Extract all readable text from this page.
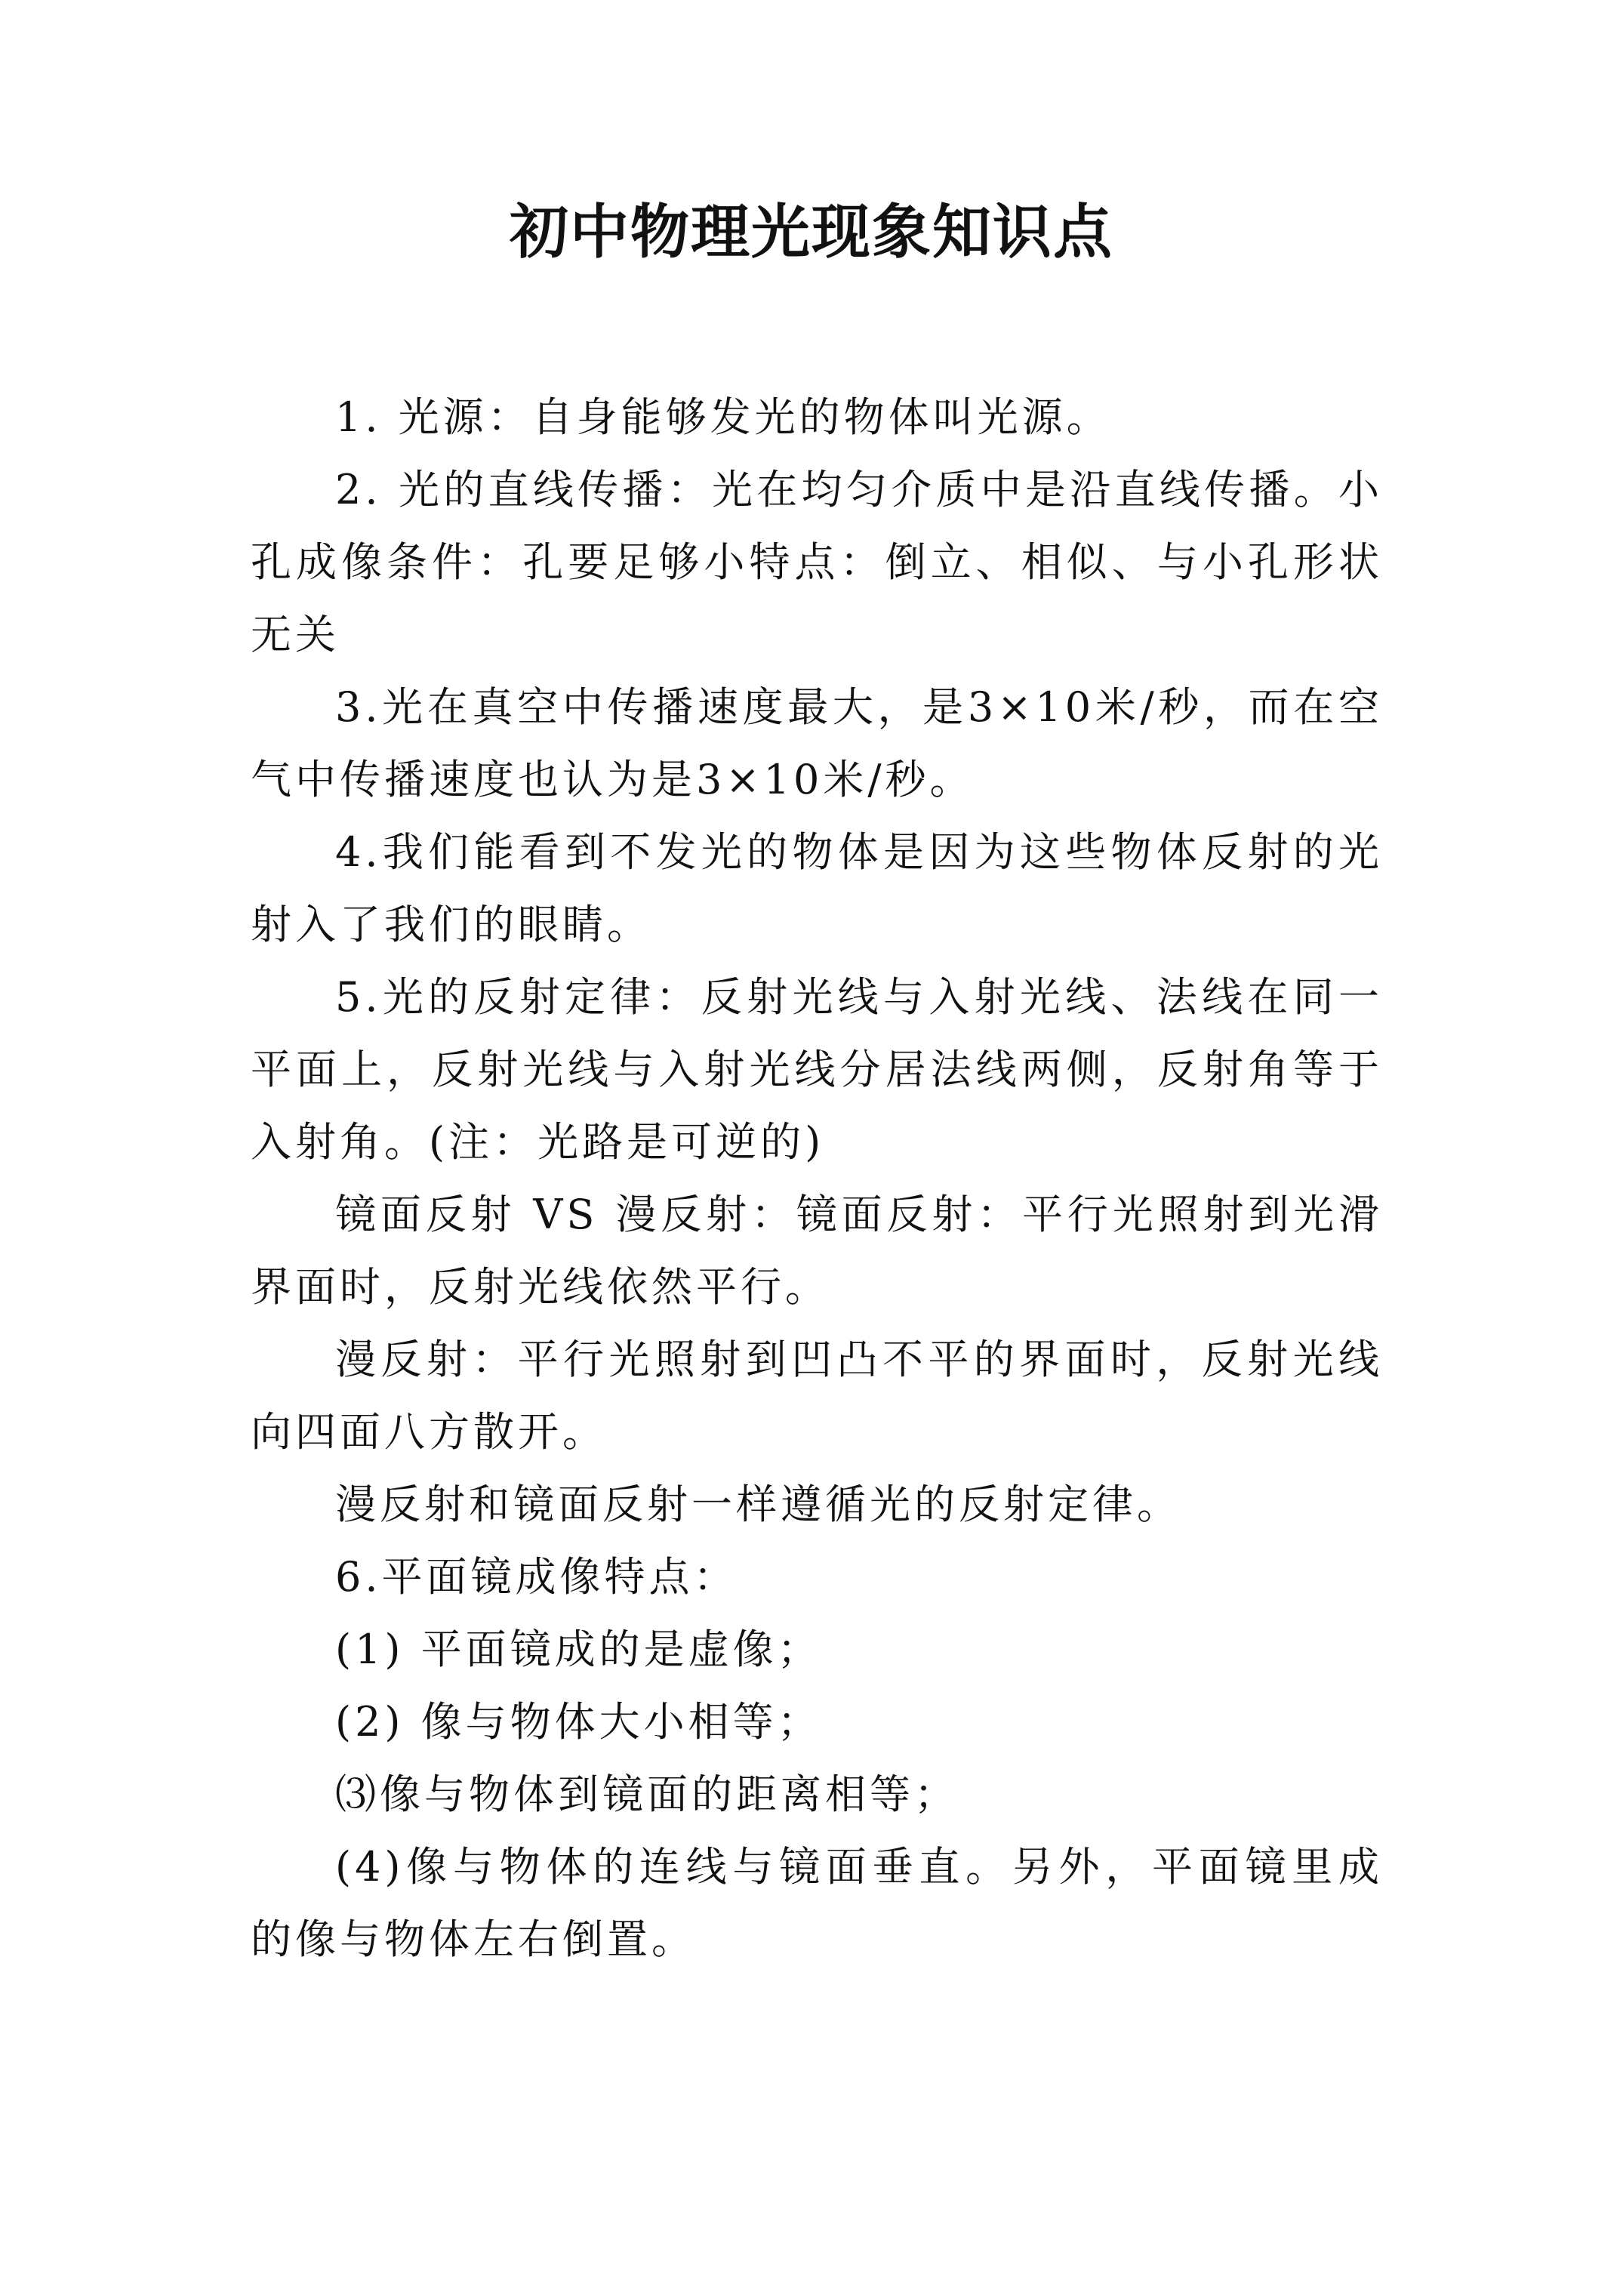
初中物理光现象知识点

1. 光源：自身能够发光的物体叫光源。

2. 光的直线传播：光在均匀介质中是沿直线传播。小孔成像条件：孔要足够小特点：倒立、相似、与小孔形状无关

3.光在真空中传播速度最大，是3×10米/秒，而在空气中传播速度也认为是3×10米/秒。

4.我们能看到不发光的物体是因为这些物体反射的光射入了我们的眼睛。

5.光的反射定律：反射光线与入射光线、法线在同一平面上，反射光线与入射光线分居法线两侧，反射角等于入射角。(注：光路是可逆的)

镜面反射 VS 漫反射：镜面反射：平行光照射到光滑界面时，反射光线依然平行。

漫反射：平行光照射到凹凸不平的界面时，反射光线向四面八方散开。

漫反射和镜面反射一样遵循光的反射定律。

6.平面镜成像特点：

(1) 平面镜成的是虚像；

(2) 像与物体大小相等；

⑶像与物体到镜面的距离相等；

(4)像与物体的连线与镜面垂直。另外，平面镜里成的像与物体左右倒置。
